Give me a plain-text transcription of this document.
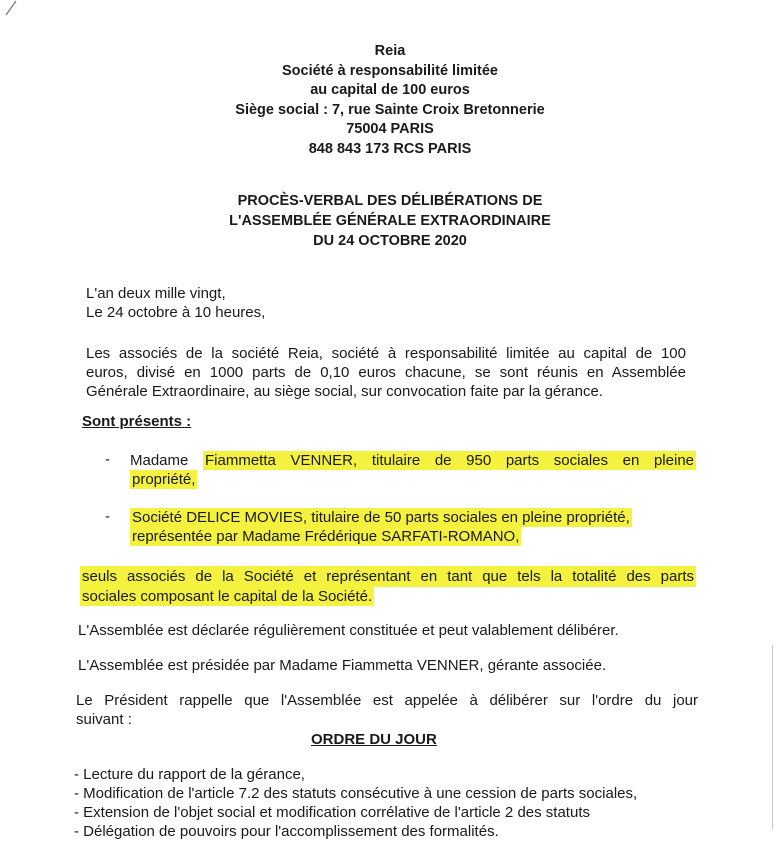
Reia
Société à responsabilité limitée
au capital de 100 euros
Siège social : 7, rue Sainte Croix Bretonnerie
75004 PARIS
848 843 173 RCS PARIS
PROCÈS-VERBAL DES DÉLIBÉRATIONS DE
L'ASSEMBLÉE GÉNÉRALE EXTRAORDINAIRE
DU 24 OCTOBRE 2020
L'an deux mille vingt,
Le 24 octobre à 10 heures,
Les associés de la société Reia, société à responsabilité limitée au capital de 100
euros, divisé en 1000 parts de 0,10 euros chacune, se sont réunis en Assemblée
Générale Extraordinaire, au siège social, sur convocation faite par la gérance.
Sont présents :
- Madame Fiammetta VENNER, titulaire de 950 parts sociales en pleine
propriété,
- Société DELICE MOVIES, titulaire de 50 parts sociales en pleine propriété,
représentée par Madame Frédérique SARFATI-ROMANO,
seuls associés de la Société et représentant en tant que tels la totalité des parts
sociales composant le capital de la Société.
L'Assemblée est déclarée régulièrement constituée et peut valablement délibérer.
L'Assemblée est présidée par Madame Fiammetta VENNER, gérante associée.
Le Président rappelle que l'Assemblée est appelée à délibérer sur l'ordre du jour
suivant :
ORDRE DU JOUR
- Lecture du rapport de la gérance,
- Modification de l'article 7.2 des statuts consécutive à une cession de parts sociales,
- Extension de l'objet social et modification corrélative de l'article 2 des statuts
- Délégation de pouvoirs pour l'accomplissement des formalités.
